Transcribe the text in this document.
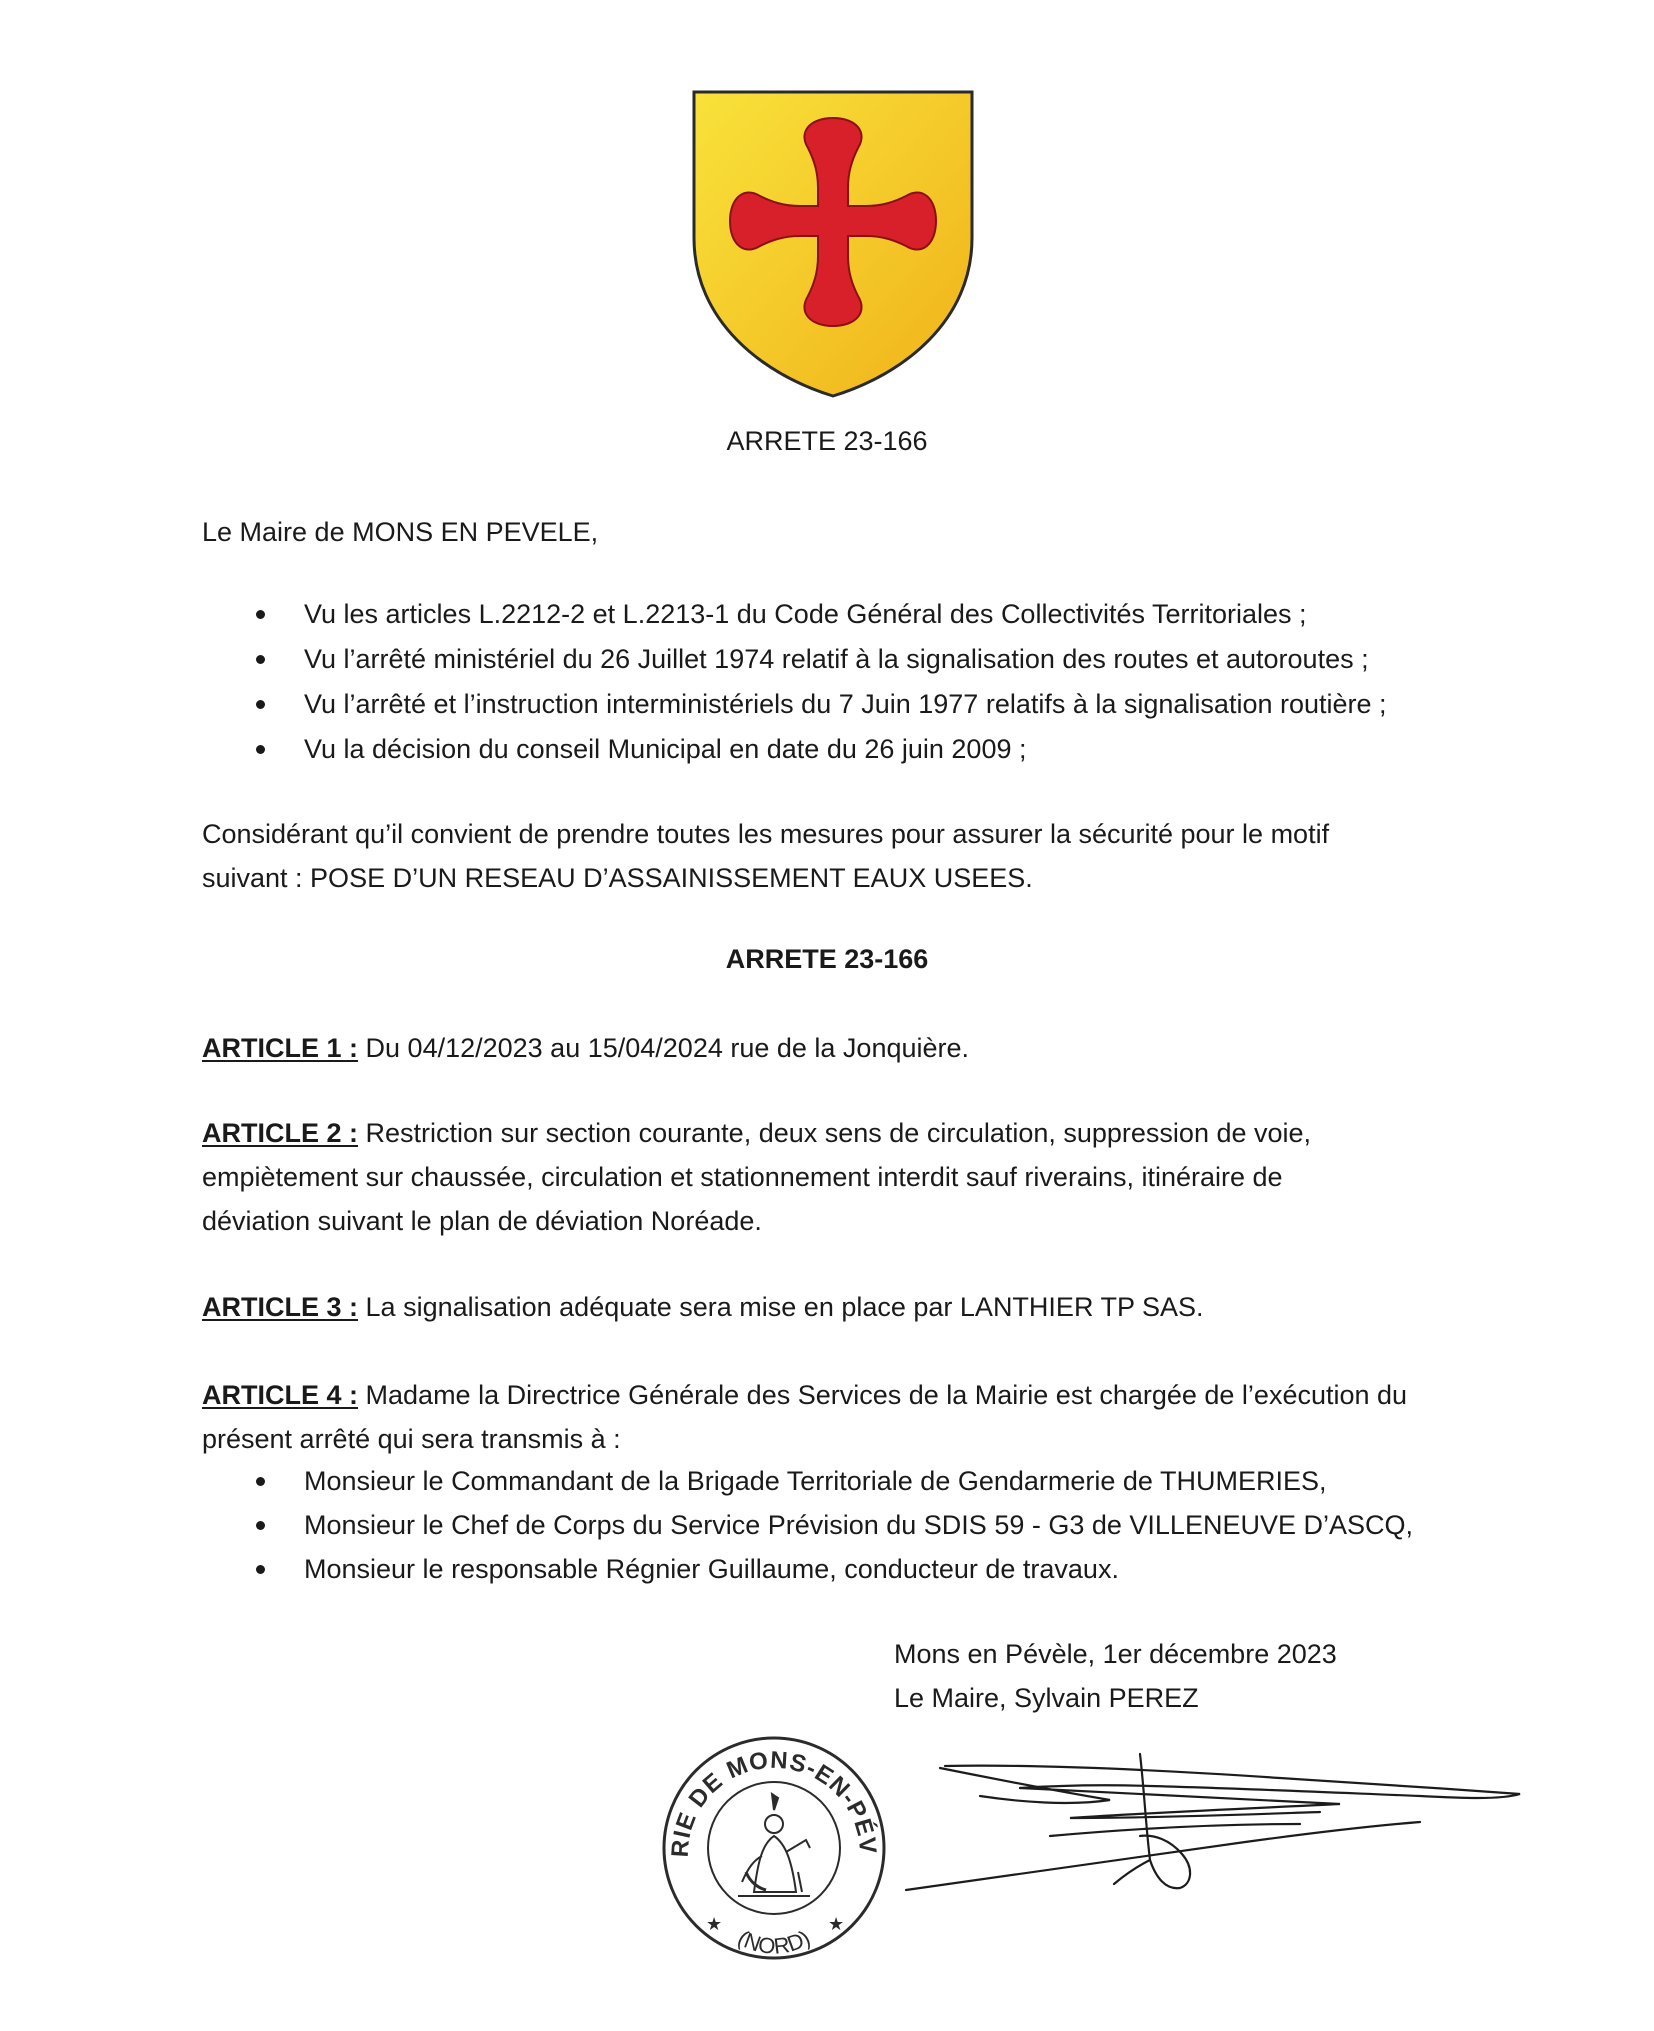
ARRETE 23-166
Le Maire de MONS EN PEVELE,
Vu les articles L.2212-2 et L.2213-1 du Code Général des Collectivités Territoriales ;
Vu l’arrêté ministériel du 26 Juillet 1974 relatif à la signalisation des routes et autoroutes ;
Vu l’arrêté et l’instruction interministériels du 7 Juin 1977 relatifs à la signalisation routière ;
Vu la décision du conseil Municipal en date du 26 juin 2009 ;
Considérant qu’il convient de prendre toutes les mesures pour assurer la sécurité pour le motif
suivant : POSE D’UN RESEAU D’ASSAINISSEMENT EAUX USEES.
ARRETE 23-166
ARTICLE 1 : Du 04/12/2023 au 15/04/2024 rue de la Jonquière.
ARTICLE 2 : Restriction sur section courante, deux sens de circulation, suppression de voie,
empiètement sur chaussée, circulation et stationnement interdit sauf riverains, itinéraire de
déviation suivant le plan de déviation Noréade.
ARTICLE 3 : La signalisation adéquate sera mise en place par LANTHIER TP SAS.
ARTICLE 4 : Madame la Directrice Générale des Services de la Mairie est chargée de l’exécution du
présent arrêté qui sera transmis à :
Monsieur le Commandant de la Brigade Territoriale de Gendarmerie de THUMERIES,
Monsieur le Chef de Corps du Service Prévision du SDIS 59 - G3 de VILLENEUVE D’ASCQ,
Monsieur le responsable Régnier Guillaume, conducteur de travaux.
Mons en Pévèle, 1er décembre 2023
Le Maire, Sylvain PEREZ
RIE DE MONS-EN-PÉV
(NORD)
★	★
